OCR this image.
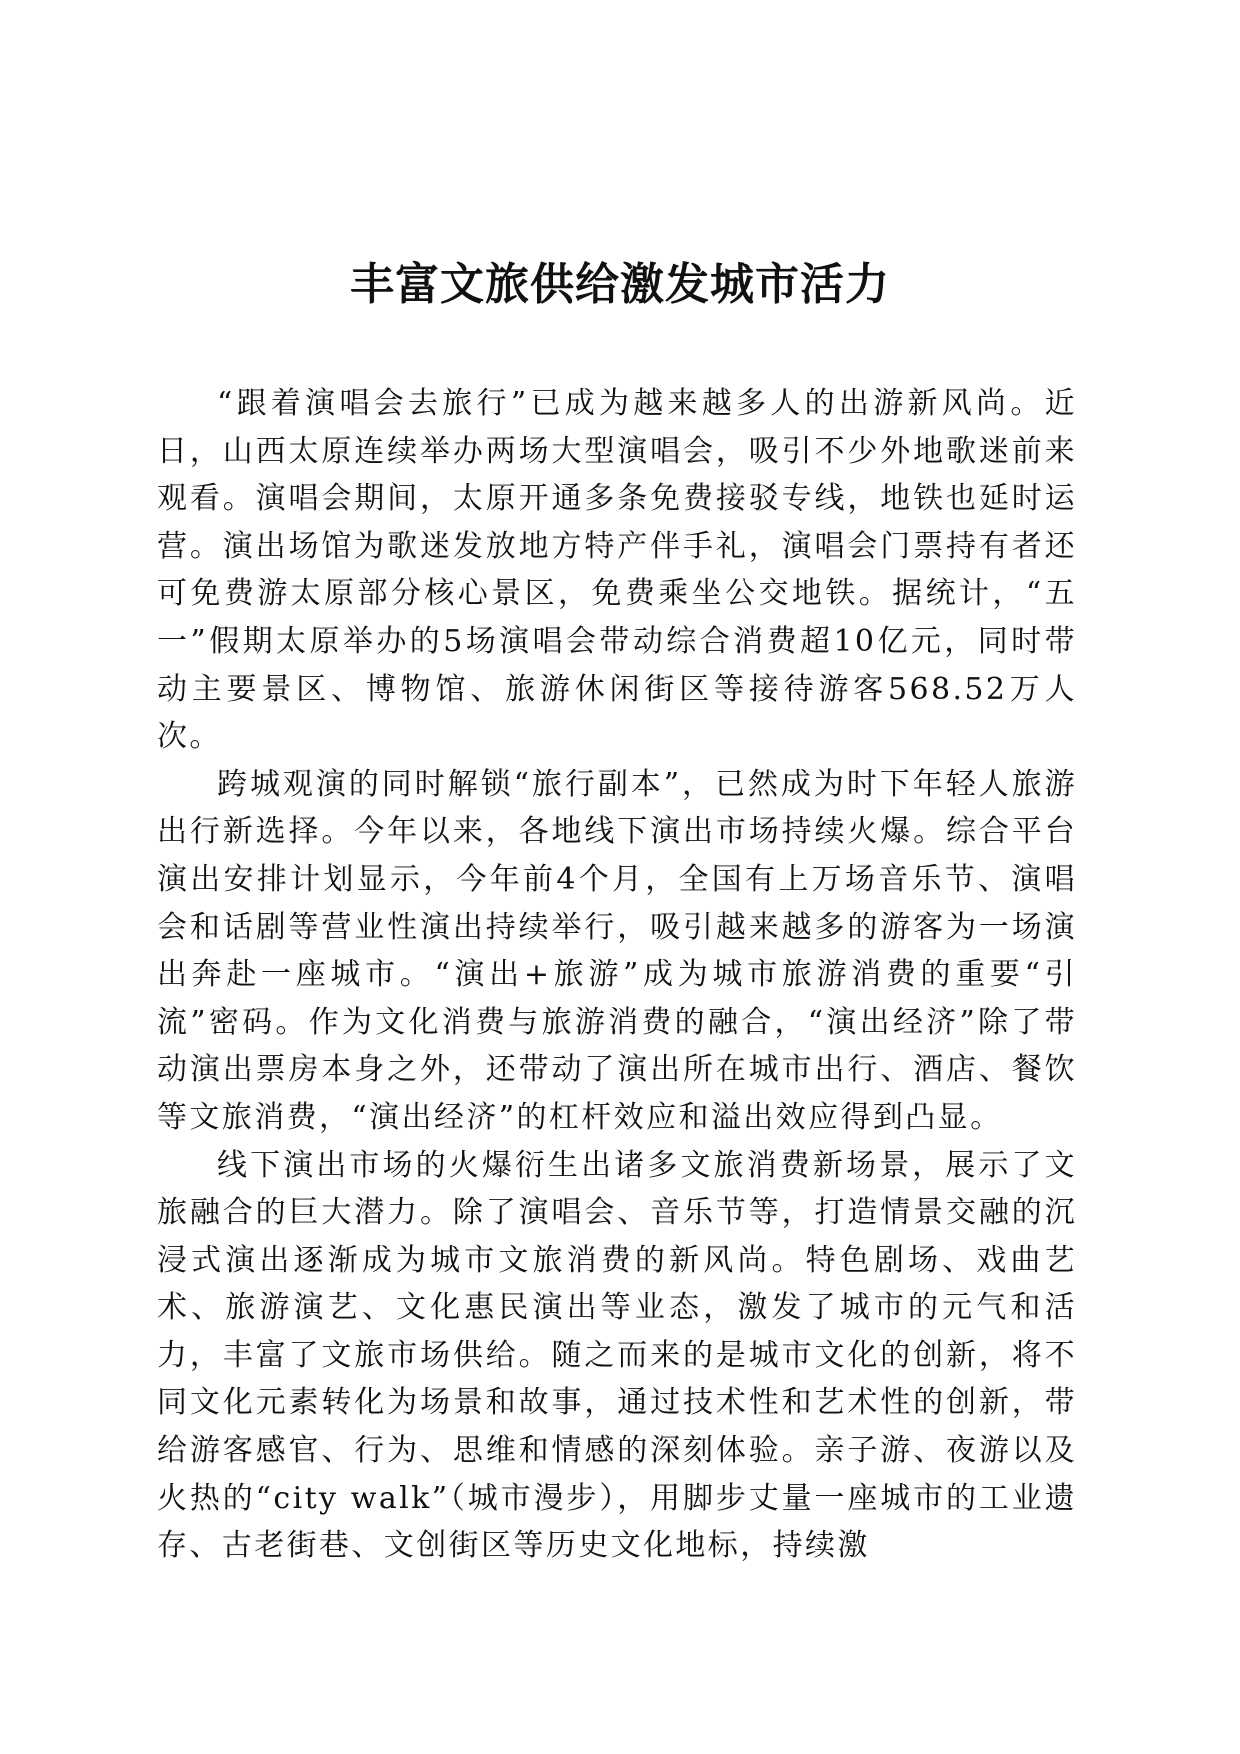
丰富文旅供给激发城市活力

“跟着演唱会去旅行”已成为越来越多人的出游新风尚。近日，山西太原连续举办两场大型演唱会，吸引不少外地歌迷前来观看。演唱会期间，太原开通多条免费接驳专线，地铁也延时运营。演出场馆为歌迷发放地方特产伴手礼，演唱会门票持有者还可免费游太原部分核心景区，免费乘坐公交地铁。据统计，“五一”假期太原举办的5场演唱会带动综合消费超10亿元，同时带动主要景区、博物馆、旅游休闲街区等接待游客568.52万人次。

跨城观演的同时解锁“旅行副本”，已然成为时下年轻人旅游出行新选择。今年以来，各地线下演出市场持续火爆。综合平台演出安排计划显示，今年前4个月，全国有上万场音乐节、演唱会和话剧等营业性演出持续举行，吸引越来越多的游客为一场演出奔赴一座城市。“演出+旅游”成为城市旅游消费的重要“引流”密码。作为文化消费与旅游消费的融合，“演出经济”除了带动演出票房本身之外，还带动了演出所在城市出行、酒店、餐饮等文旅消费，“演出经济”的杠杆效应和溢出效应得到凸显。

线下演出市场的火爆衍生出诸多文旅消费新场景，展示了文旅融合的巨大潜力。除了演唱会、音乐节等，打造情景交融的沉浸式演出逐渐成为城市文旅消费的新风尚。特色剧场、戏曲艺术、旅游演艺、文化惠民演出等业态，激发了城市的元气和活力，丰富了文旅市场供给。随之而来的是城市文化的创新，将不同文化元素转化为场景和故事，通过技术性和艺术性的创新，带给游客感官、行为、思维和情感的深刻体验。亲子游、夜游以及火热的“city walk”（城市漫步），用脚步丈量一座城市的工业遗存、古老街巷、文创街区等历史文化地标，持续激
